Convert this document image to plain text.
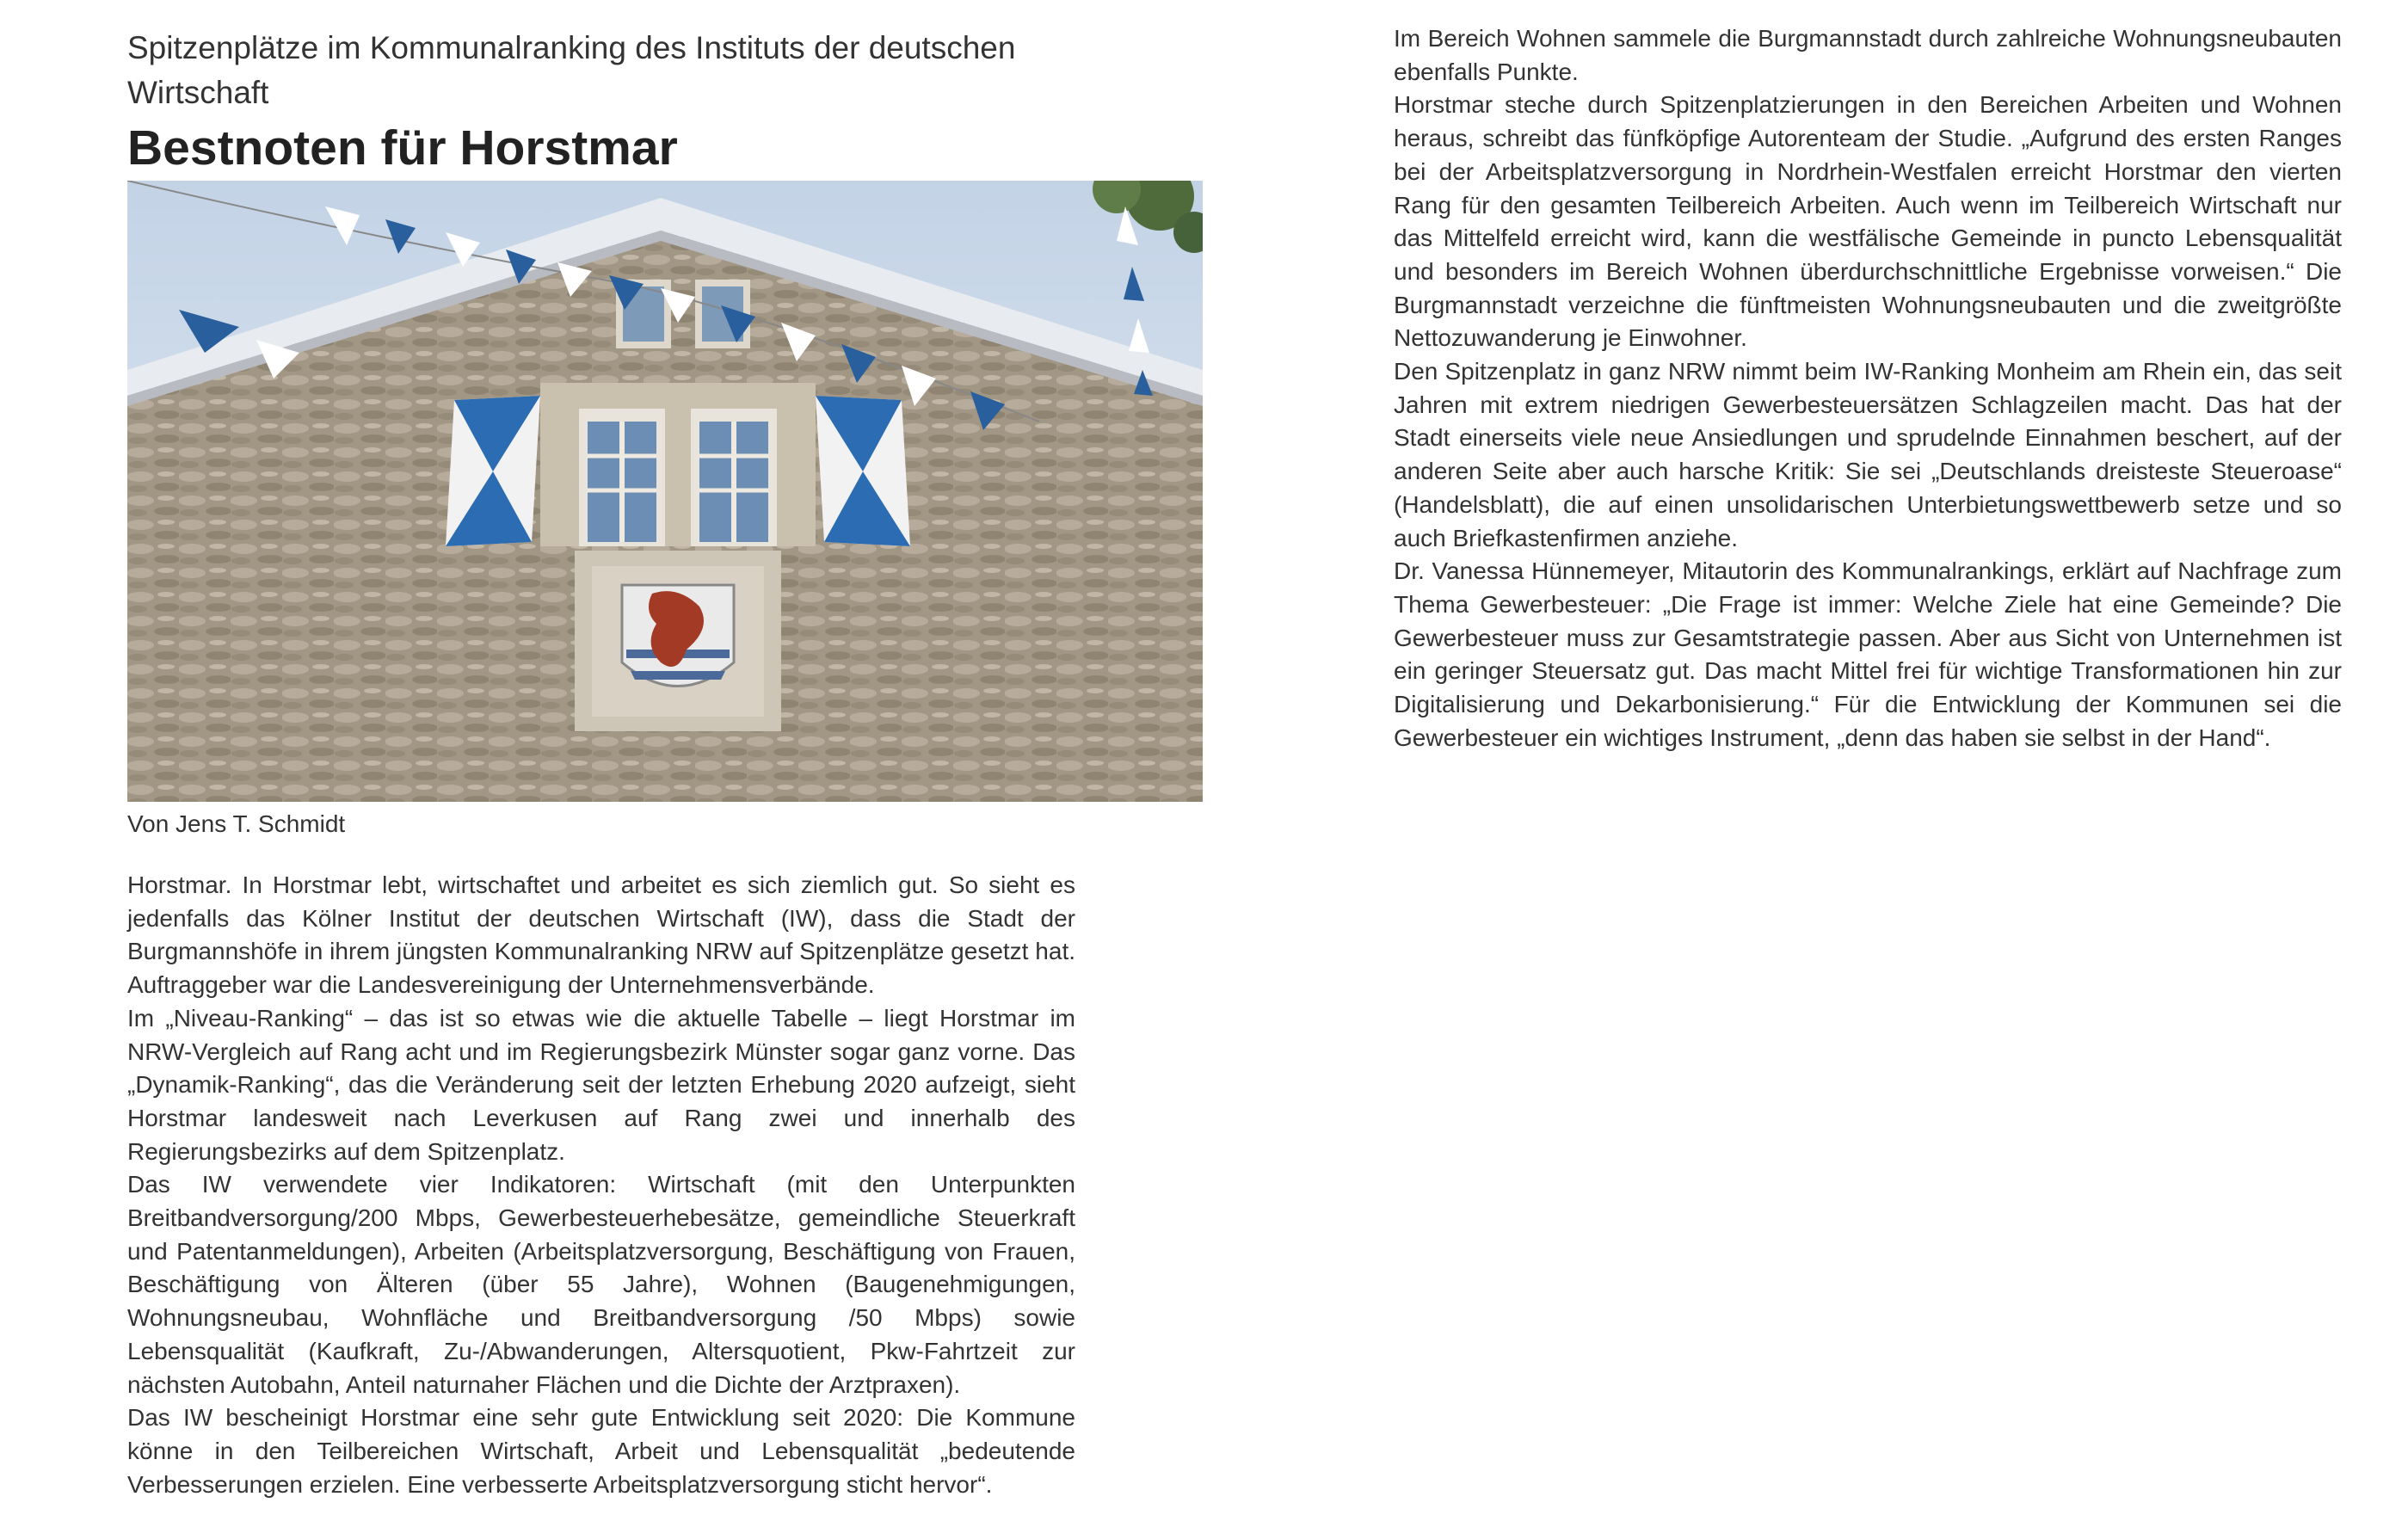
Spitzenplätze im Kommunalranking des Instituts der deutschen Wirtschaft
Bestnoten für Horstmar

Von Jens T. Schmidt

Horstmar. In Horstmar lebt, wirtschaftet und arbeitet es sich ziemlich gut. So sieht es jedenfalls das Kölner Institut der deutschen Wirtschaft (IW), dass die Stadt der Burgmannshöfe in ihrem jüngsten Kommunalranking NRW auf Spitzenplätze gesetzt hat. Auftraggeber war die Landesvereinigung der Unternehmensverbände.

Im „Niveau-Ranking“ – das ist so etwas wie die aktuelle Tabelle – liegt Horstmar im NRW-Vergleich auf Rang acht und im Regierungsbezirk Münster sogar ganz vorne. Das „Dynamik-Ranking“, das die Veränderung seit der letzten Erhebung 2020 aufzeigt, sieht Horstmar landesweit nach Leverkusen auf Rang zwei und innerhalb des Regierungsbezirks auf dem Spitzenplatz.

Das IW verwendete vier Indikatoren: Wirtschaft (mit den Unterpunkten Breitbandversorgung/200 Mbps, Gewerbesteuerhebesätze, gemeindliche Steuerkraft und Patentanmeldungen), Arbeiten (Arbeitsplatzversorgung, Beschäftigung von Frauen, Beschäftigung von Älteren (über 55 Jahre), Wohnen (Baugenehmigungen, Wohnungsneubau, Wohnfläche und Breitbandversorgung /50 Mbps) sowie Lebensqualität (Kaufkraft, Zu-/Abwanderungen, Altersquotient, Pkw-Fahrtzeit zur nächsten Autobahn, Anteil naturnaher Flächen und die Dichte der Arztpraxen).

Das IW bescheinigt Horstmar eine sehr gute Entwicklung seit 2020: Die Kommune könne in den Teilbereichen Wirtschaft, Arbeit und Lebensqualität „bedeutende Verbesserungen erzielen. Eine verbesserte Arbeitsplatzversorgung sticht hervor“.

Im Bereich Wohnen sammele die Burgmannstadt durch zahlreiche Wohnungsneubauten ebenfalls Punkte.

Horstmar steche durch Spitzenplatzierungen in den Bereichen Arbeiten und Wohnen heraus, schreibt das fünfköpfige Autorenteam der Studie. „Aufgrund des ersten Ranges bei der Arbeitsplatzversorgung in Nordrhein-Westfalen erreicht Horstmar den vierten Rang für den gesamten Teilbereich Arbeiten. Auch wenn im Teilbereich Wirtschaft nur das Mittelfeld erreicht wird, kann die westfälische Gemeinde in puncto Lebensqualität und besonders im Bereich Wohnen überdurchschnittliche Ergebnisse vorweisen.“ Die Burgmannstadt verzeichne die fünftmeisten Wohnungsneubauten und die zweitgrößte Nettozuwanderung je Einwohner.

Den Spitzenplatz in ganz NRW nimmt beim IW-Ranking Monheim am Rhein ein, das seit Jahren mit extrem niedrigen Gewerbesteuersätzen Schlagzeilen macht. Das hat der Stadt einerseits viele neue Ansiedlungen und sprudelnde Einnahmen beschert, auf der anderen Seite aber auch harsche Kritik: Sie sei „Deutschlands dreisteste Steueroase“ (Handelsblatt), die auf einen unsolidarischen Unterbietungswettbewerb setze und so auch Briefkastenfirmen anziehe.

Dr. Vanessa Hünnemeyer, Mitautorin des Kommunalrankings, erklärt auf Nachfrage zum Thema Gewerbesteuer: „Die Frage ist immer: Welche Ziele hat eine Gemeinde? Die Gewerbesteuer muss zur Gesamtstrategie passen. Aber aus Sicht von Unternehmen ist ein geringer Steuersatz gut. Das macht Mittel frei für wichtige Transformationen hin zur Digitalisierung und Dekarbonisierung.“ Für die Entwicklung der Kommunen sei die Gewerbesteuer ein wichtiges Instrument, „denn das haben sie selbst in der Hand“.
